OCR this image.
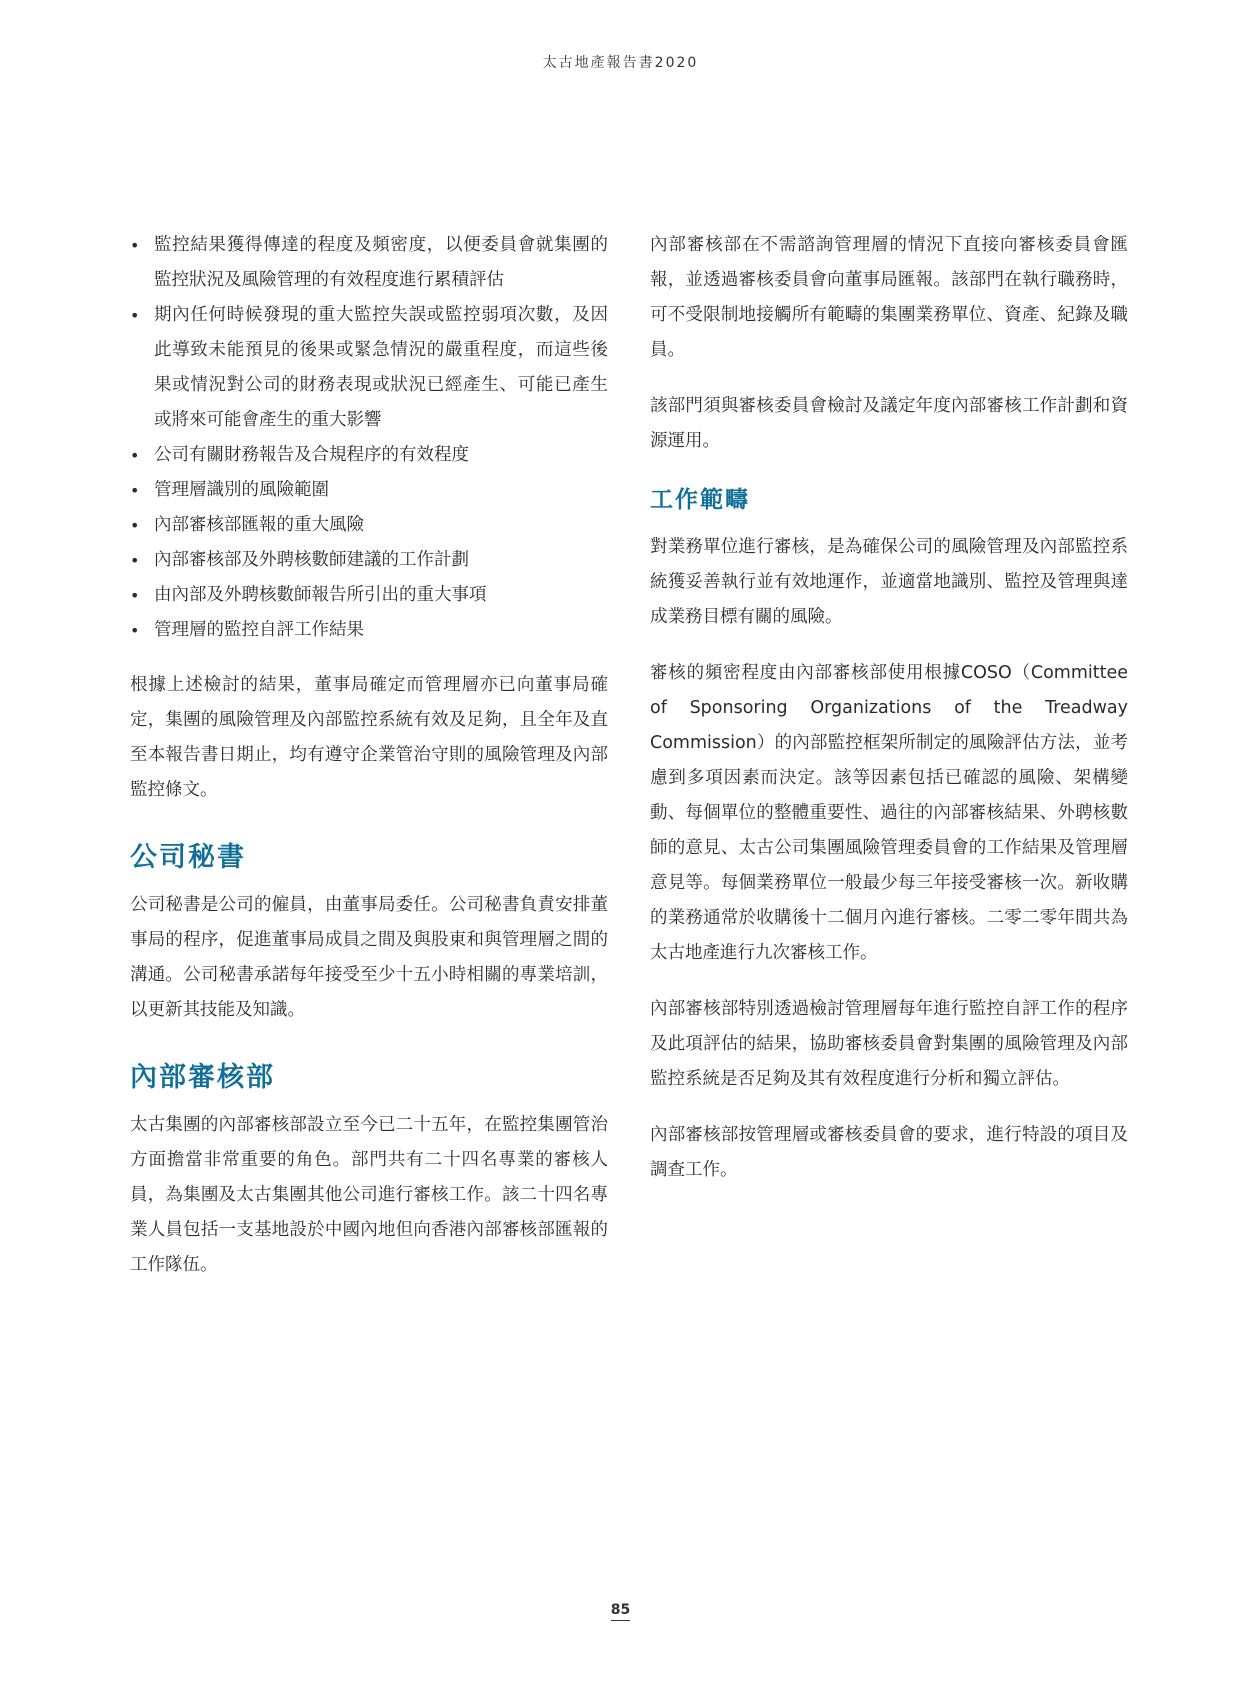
太古地產報告書2020
• 監控結果獲得傳達的程度及頻密度，以便委員會就集團的監控狀況及風險管理的有效程度進行累積評估
• 期內任何時候發現的重大監控失誤或監控弱項次數，及因此導致未能預見的後果或緊急情況的嚴重程度，而這些後果或情況對公司的財務表現或狀況已經產生、可能已產生或將來可能會產生的重大影響
• 公司有關財務報告及合規程序的有效程度
• 管理層識別的風險範圍
• 內部審核部匯報的重大風險
• 內部審核部及外聘核數師建議的工作計劃
• 由內部及外聘核數師報告所引出的重大事項
• 管理層的監控自評工作結果

根據上述檢討的結果，董事局確定而管理層亦已向董事局確定，集團的風險管理及內部監控系統有效及足夠，且全年及直至本報告書日期止，均有遵守企業管治守則的風險管理及內部監控條文。

公司秘書

公司秘書是公司的僱員，由董事局委任。公司秘書負責安排董事局的程序，促進董事局成員之間及與股東和與管理層之間的溝通。公司秘書承諾每年接受至少十五小時相關的專業培訓，以更新其技能及知識。

內部審核部

太古集團的內部審核部設立至今已二十五年，在監控集團管治方面擔當非常重要的角色。部門共有二十四名專業的審核人員，為集團及太古集團其他公司進行審核工作。該二十四名專業人員包括一支基地設於中國內地但向香港內部審核部匯報的工作隊伍。

內部審核部在不需諮詢管理層的情況下直接向審核委員會匯報，並透過審核委員會向董事局匯報。該部門在執行職務時，可不受限制地接觸所有範疇的集團業務單位、資產、紀錄及職員。

該部門須與審核委員會檢討及議定年度內部審核工作計劃和資源運用。

工作範疇

對業務單位進行審核，是為確保公司的風險管理及內部監控系統獲妥善執行並有效地運作，並適當地識別、監控及管理與達成業務目標有關的風險。

審核的頻密程度由內部審核部使用根據COSO（Committee of Sponsoring Organizations of the Treadway Commission）的內部監控框架所制定的風險評估方法，並考慮到多項因素而決定。該等因素包括已確認的風險、架構變動、每個單位的整體重要性、過往的內部審核結果、外聘核數師的意見、太古公司集團風險管理委員會的工作結果及管理層意見等。每個業務單位一般最少每三年接受審核一次。新收購的業務通常於收購後十二個月內進行審核。二零二零年間共為太古地產進行九次審核工作。

內部審核部特別透過檢討管理層每年進行監控自評工作的程序及此項評估的結果，協助審核委員會對集團的風險管理及內部監控系統是否足夠及其有效程度進行分析和獨立評估。

內部審核部按管理層或審核委員會的要求，進行特設的項目及調查工作。

85
